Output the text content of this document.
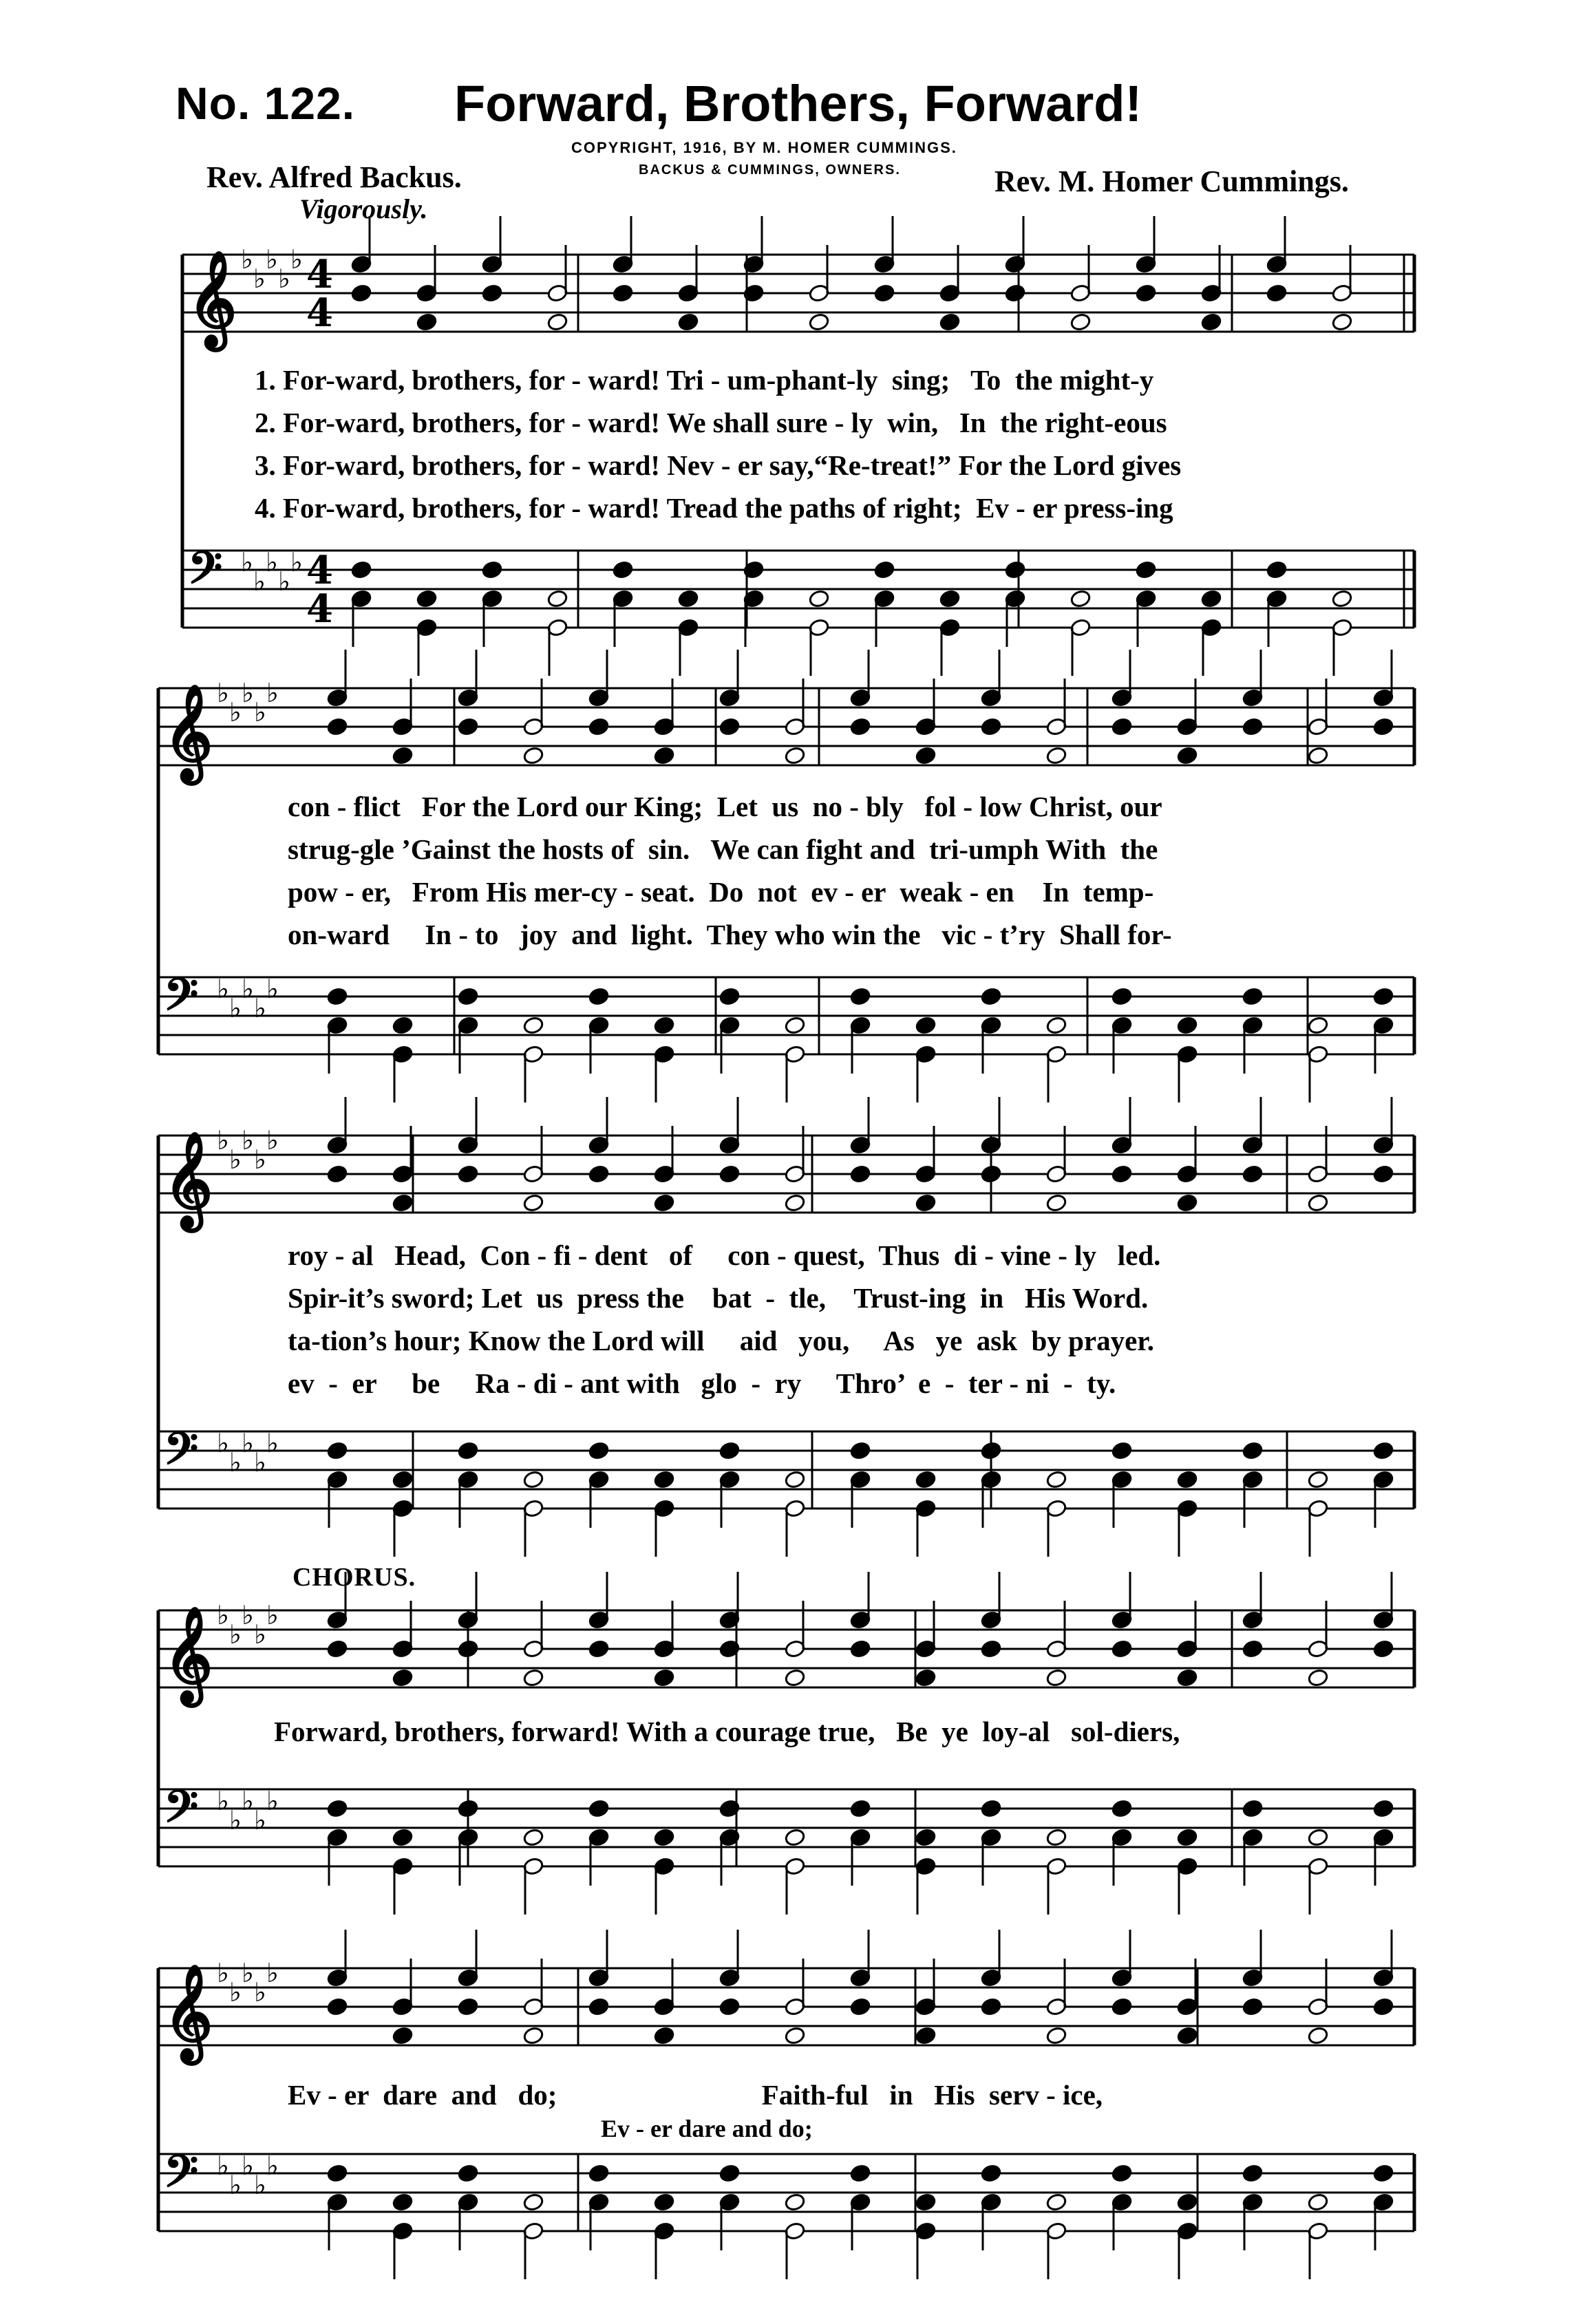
No. 122. Forward, Brothers, Forward!
COPYRIGHT, 1916, BY M. HOMER CUMMINGS.
BACKUS & CUMMINGS, OWNERS.
Rev. Alfred Backus.	Rev. M. Homer Cummings.
Vigorously.
CHORUS.
𝄞 ♭
♭
♭
♭
♭ 4
4
𝄢 ♭
♭
♭
♭
♭ 4
4
𝄞 ♭
♭
♭
♭
♭
𝄢 ♭
♭
♭
♭
♭
𝄞 ♭
♭
♭
♭
♭
𝄢 ♭
♭
♭
♭
♭
𝄞 ♭
♭
♭
♭
♭
𝄢 ♭
♭
♭
♭
♭
𝄞 ♭
♭
♭
♭
♭
𝄢 ♭
♭
♭
♭
♭

1. For-ward, brothers, for - ward! Tri - um-phant-ly  sing;   To  the might-y

2. For-ward, brothers, for - ward! We shall sure - ly  win,   In  the right-eous

3. For-ward, brothers, for - ward! Nev - er say,“Re-treat!” For the Lord gives

4. For-ward, brothers, for - ward! Tread the paths of right;  Ev - er press-ing

con - flict   For the Lord our King;  Let  us  no - bly   fol - low Christ, our

strug-gle ’Gainst the hosts of  sin.   We can fight and  tri-umph With  the

pow - er,   From His mer-cy - seat.  Do  not  ev - er  weak - en    In  temp-

on-ward     In - to   joy  and  light.  They who win the   vic - t’ry  Shall for-

roy - al   Head,  Con - fi - dent   of     con - quest,  Thus  di - vine - ly   led.

Spir-it’s sword; Let  us  press the    bat  -  tle,    Trust-ing  in   His Word.

ta-tion’s hour; Know the Lord will     aid   you,     As   ye  ask  by prayer.

ev  -  er     be     Ra - di - ant with   glo  -  ry     Thro’  e  -  ter - ni  -  ty.

Forward, brothers, forward! With a courage true,   Be  ye  loy-al   sol-diers,

Ev - er  dare  and   do;                             Faith-ful   in   His  serv - ice,

Ev - er dare and do;
